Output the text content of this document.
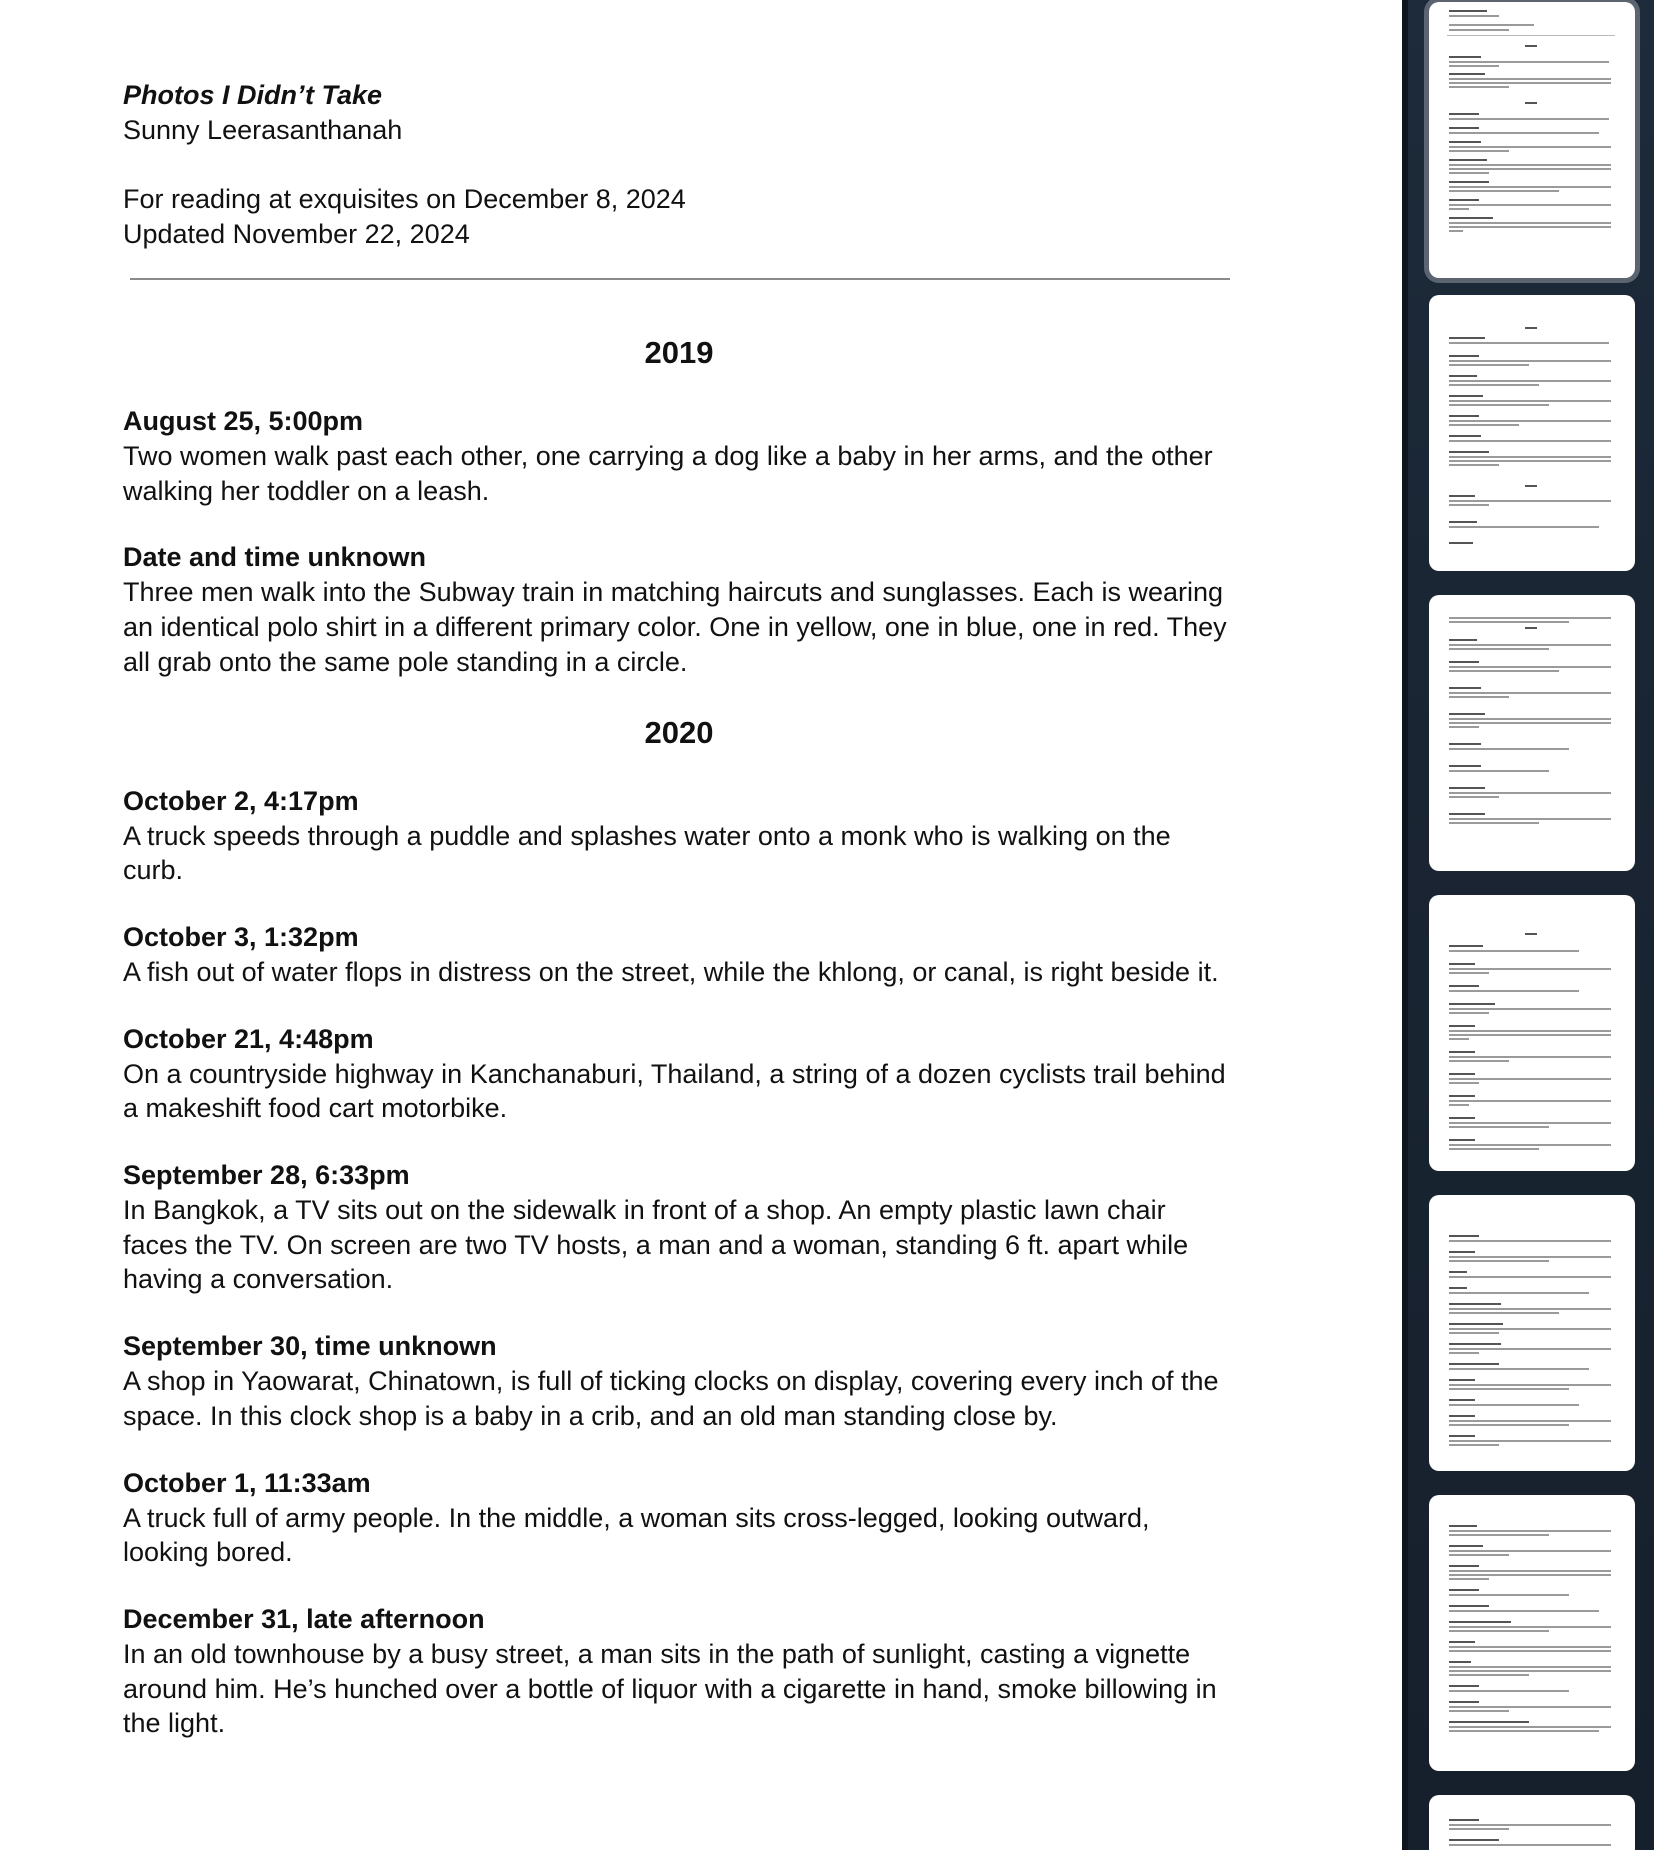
Photos I Didn’t Take
Sunny Leerasanthanah
For reading at exquisites on December 8, 2024
Updated November 22, 2024
2019
August 25, 5:00pm
Two women walk past each other, one carrying a dog like a baby in her arms, and the other walking her toddler on a leash.
Date and time unknown
Three men walk into the Subway train in matching haircuts and sunglasses. Each is wearing an identical polo shirt in a different primary color. One in yellow, one in blue, one in red. They all grab onto the same pole standing in a circle.
2020
October 2, 4:17pm
A truck speeds through a puddle and splashes water onto a monk who is walking on the curb.
October 3, 1:32pm
A fish out of water flops in distress on the street, while the khlong, or canal, is right beside it.
October 21, 4:48pm
On a countryside highway in Kanchanaburi, Thailand, a string of a dozen cyclists trail behind a makeshift food cart motorbike.
September 28, 6:33pm
In Bangkok, a TV sits out on the sidewalk in front of a shop. An empty plastic lawn chair faces the TV. On screen are two TV hosts, a man and a woman, standing 6 ft. apart while having a conversation.
September 30, time unknown
A shop in Yaowarat, Chinatown, is full of ticking clocks on display, covering every inch of the space. In this clock shop is a baby in a crib, and an old man standing close by.
October 1, 11:33am
A truck full of army people. In the middle, a woman sits cross-legged, looking outward, looking bored.
December 31, late afternoon
In an old townhouse by a busy street, a man sits in the path of sunlight, casting a vignette around him. He’s hunched over a bottle of liquor with a cigarette in hand, smoke billowing in the light.
